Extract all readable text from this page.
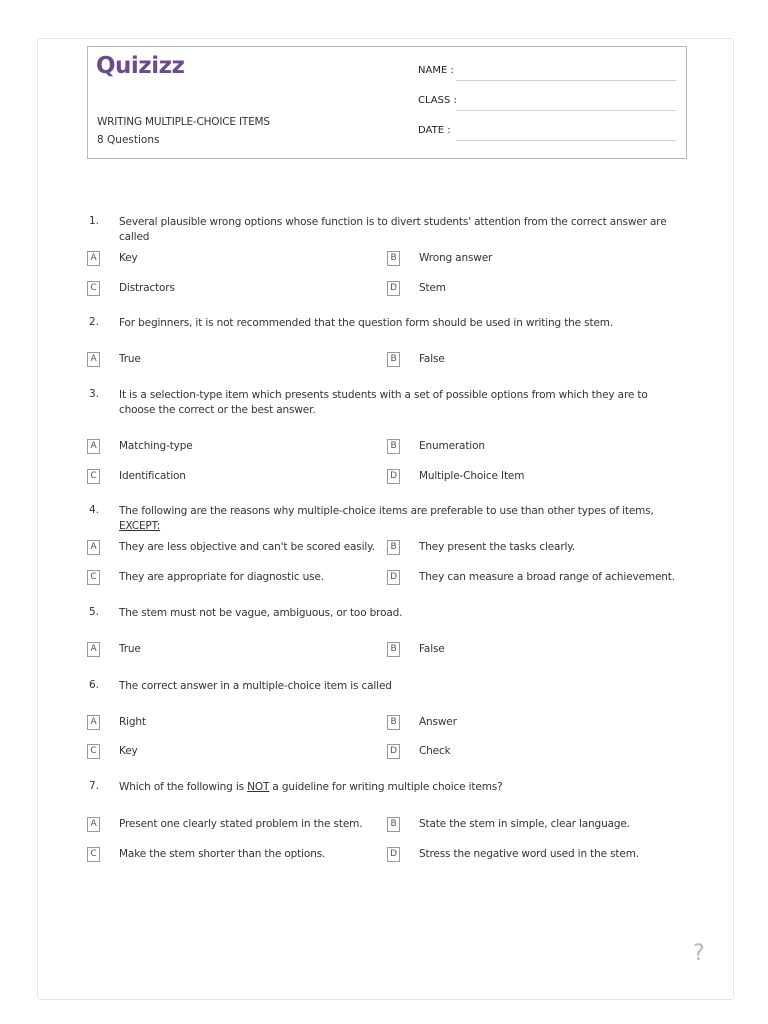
Quizizz
WRITING MULTIPLE-CHOICE ITEMS
8 Questions
NAME :
CLASS :
DATE :
1. Several plausible wrong options whose function is to divert students' attention from the correct answer are called
A	Key	B	Wrong answer
C	Distractors	D Stem
2. For beginners, it is not recommended that the question form should be used in writing the stem.
A	True	B	False
3. It is a selection-type item which presents students with a set of possible options from which they are to choose the correct or the best answer.
A	Matching-type	B	Enumeration
C	Identification	D Multiple-Choice Item
4. The following are the reasons why multiple-choice items are preferable to use than other types of items, EXCEPT:
A	They are less objective and can't be scored easily.	B	They present the tasks clearly.
C	They are appropriate for diagnostic use.	D They can measure a broad range of achievement.
5. The stem must not be vague, ambiguous, or too broad.
A	True	B	False
6. The correct answer in a multiple-choice item is called
A	Right	B	Answer
C	Key	D Check
7. Which of the following is NOT a guideline for writing multiple choice items?
A	Present one clearly stated problem in the stem.	B	State the stem in simple, clear language.
C	Make the stem shorter than the options.	D Stress the negative word used in the stem.
?
